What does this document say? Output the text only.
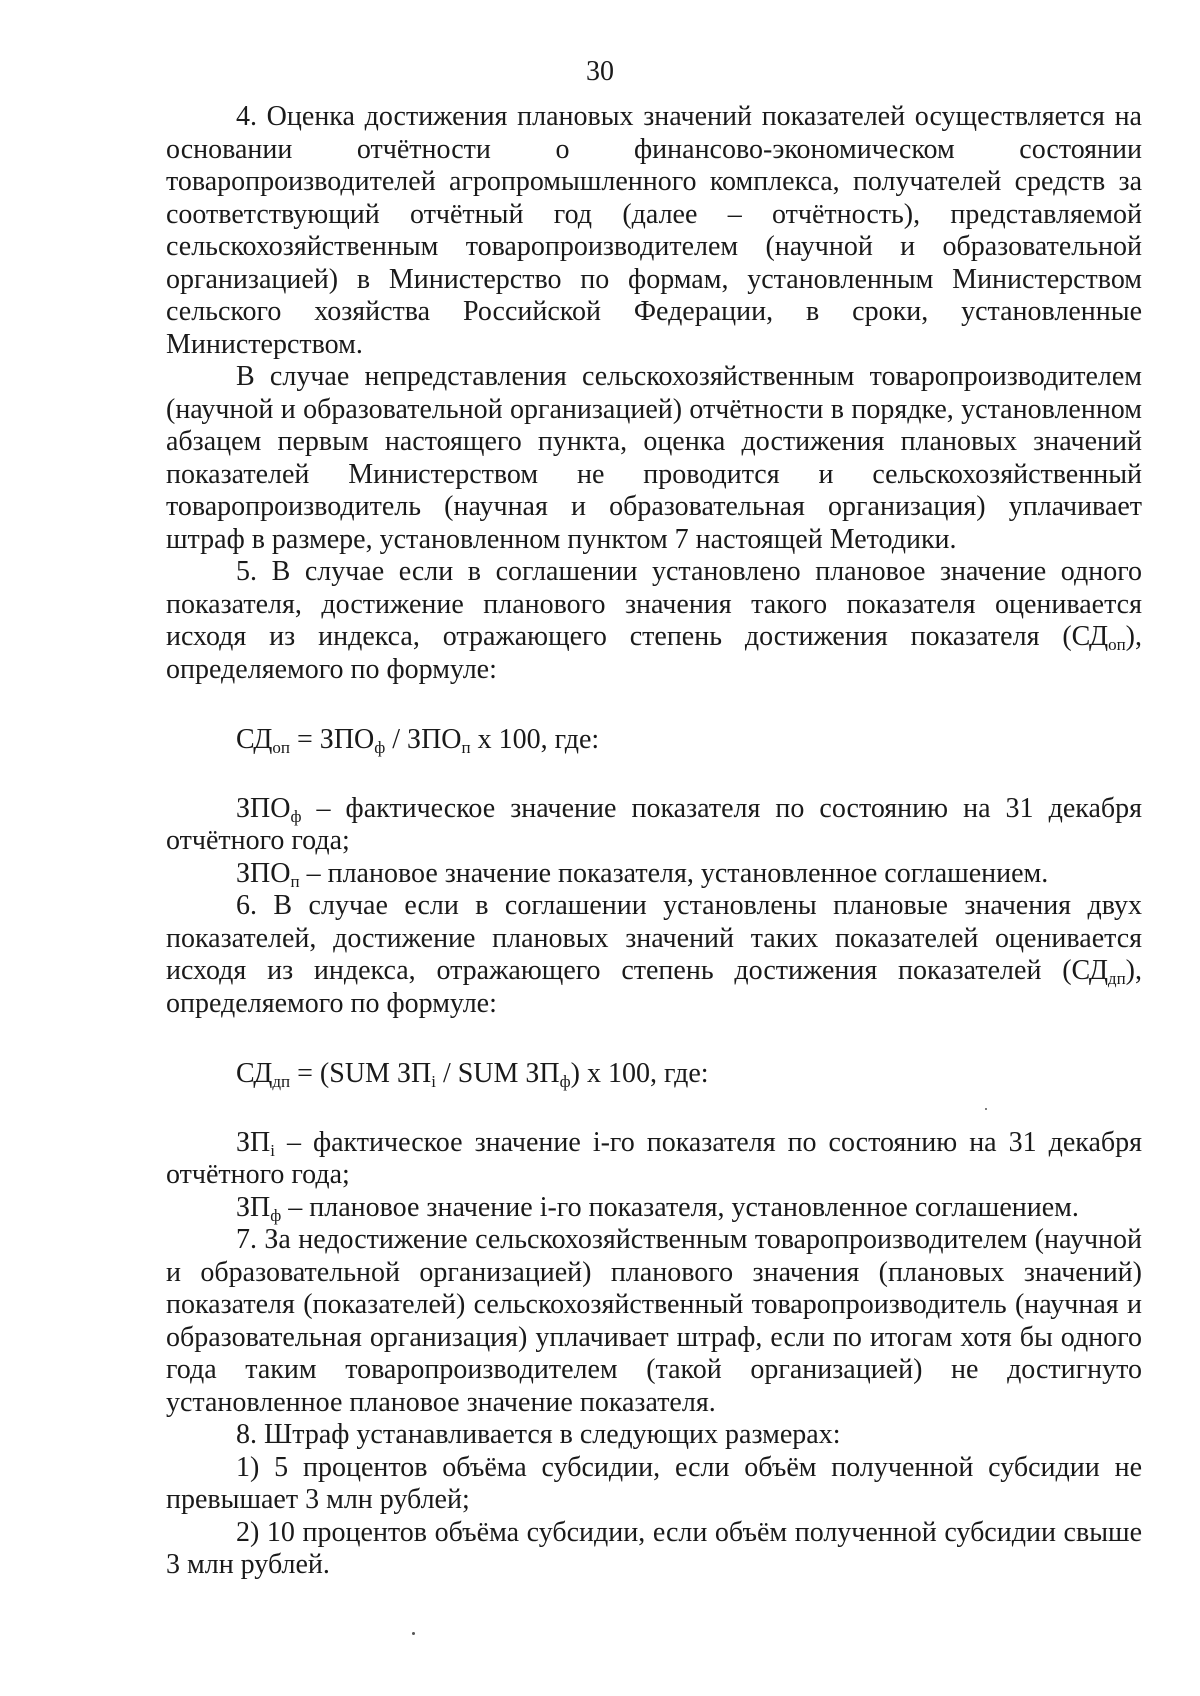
30

4. Оценка достижения плановых значений показателей осуществляется на основании отчётности о финансово-экономическом состоянии товаропроизводителей агропромышленного комплекса, получателей средств за соответствующий отчётный год (далее – отчётность), представляемой сельскохозяйственным товаропроизводителем (научной и образовательной организацией) в Министерство по формам, установленным Министерством сельского хозяйства Российской Федерации, в сроки, установленные Министерством.

В случае непредставления сельскохозяйственным товаропроизводителем (научной и образовательной организацией) отчётности в порядке, установленном абзацем первым настоящего пункта, оценка достижения плановых значений показателей Министерством не проводится и сельскохозяйственный товаропроизводитель (научная и образовательная организация) уплачивает штраф в размере, установленном пунктом 7 настоящей Методики.

5. В случае если в соглашении установлено плановое значение одного показателя, достижение планового значения такого показателя оценивается исходя из индекса, отражающего степень достижения показателя $(СД_{оп})$, определяемого по формуле:

$СД_{оп} = ЗПО_ф / ЗПО_п$ х 100, где:

$ЗПО_ф$ – фактическое значение показателя по состоянию на 31 декабря отчётного года;

$ЗПО_п$ – плановое значение показателя, установленное соглашением.

6. В случае если в соглашении установлены плановые значения двух показателей, достижение плановых значений таких показателей оценивается исходя из индекса, отражающего степень достижения показателей $(СД_{дп})$, определяемого по формуле:

$СД_{дп} = (SUM$ $ЗП_i$ / SUM $ЗП_ф$) х 100, где:

$ЗП_i$ – фактическое значение i-го показателя по состоянию на 31 декабря отчётного года;

$ЗП_ф$ – плановое значение i-го показателя, установленное соглашением.

7. За недостижение сельскохозяйственным товаропроизводителем (научной и образовательной организацией) планового значения (плановых значений) показателя (показателей) сельскохозяйственный товаропроизводитель (научная и образовательная организация) уплачивает штраф, если по итогам хотя бы одного года таким товаропроизводителем (такой организацией) не достигнуто установленное плановое значение показателя.

8. Штраф устанавливается в следующих размерах:

1) 5 процентов объёма субсидии, если объём полученной субсидии не превышает 3 млн рублей;

2) 10 процентов объёма субсидии, если объём полученной субсидии свыше 3 млн рублей.
